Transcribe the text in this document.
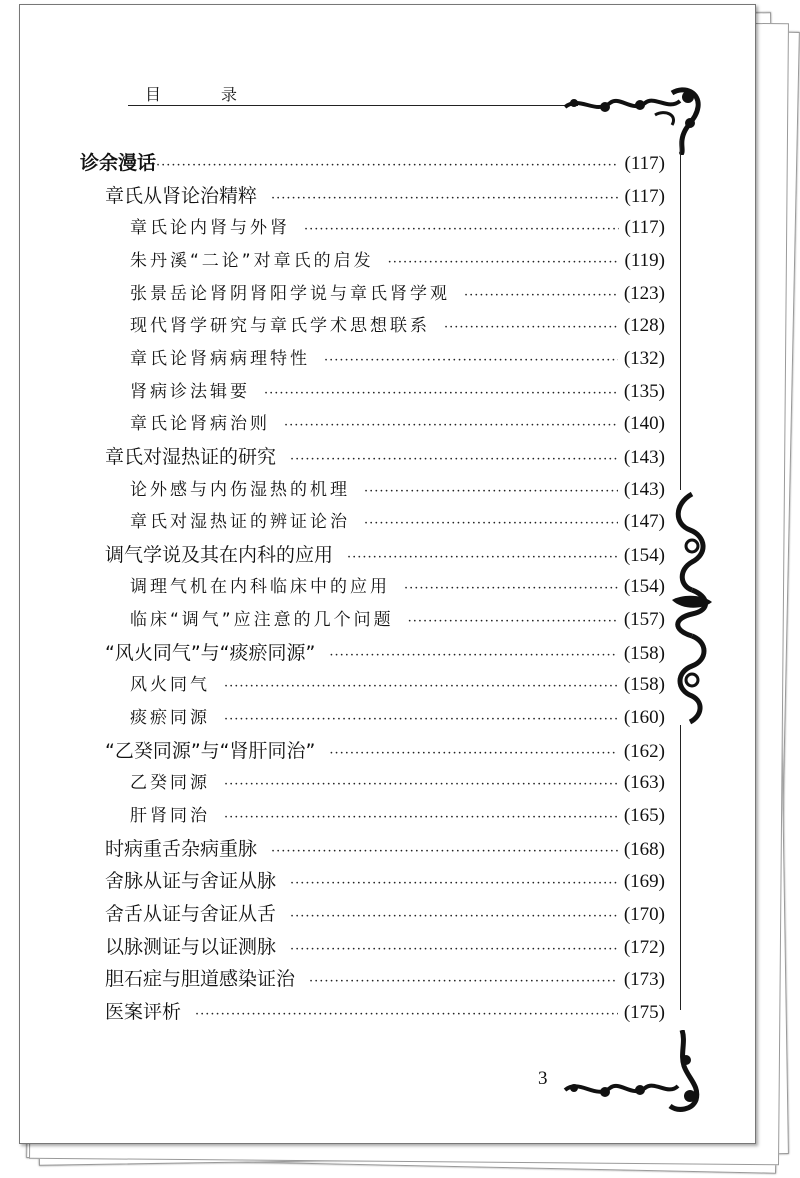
目　录
诊余漫话 ·····	(117)
章氏从肾论治精粹 ·····	(117)
章氏论内肾与外肾 ·····	(117)
朱丹溪“二论”对章氏的启发 ·····	(119)
张景岳论肾阴肾阳学说与章氏肾学观 ·····	(123)
现代肾学研究与章氏学术思想联系 ·····	(128)
章氏论肾病病理特性 ·····	(132)
肾病诊法辑要 ·····	(135)
章氏论肾病治则 ·····	(140)
章氏对湿热证的研究 ·····	(143)
论外感与内伤湿热的机理 ·····	(143)
章氏对湿热证的辨证论治 ·····	(147)
调气学说及其在内科的应用 ·····	(154)
调理气机在内科临床中的应用 ·····	(154)
临床“调气”应注意的几个问题 ·····	(157)
“风火同气”与“痰瘀同源” ·····	(158)
风火同气 ·····	(158)
痰瘀同源 ·····	(160)
“乙癸同源”与“肾肝同治” ·····	(162)
乙癸同源 ·····	(163)
肝肾同治 ·····	(165)
时病重舌杂病重脉 ·····	(168)
舍脉从证与舍证从脉 ·····	(169)
舍舌从证与舍证从舌 ·····	(170)
以脉测证与以证测脉 ·····	(172)
胆石症与胆道感染证治 ·····	(173)
医案评析 ·····	(175)
3
